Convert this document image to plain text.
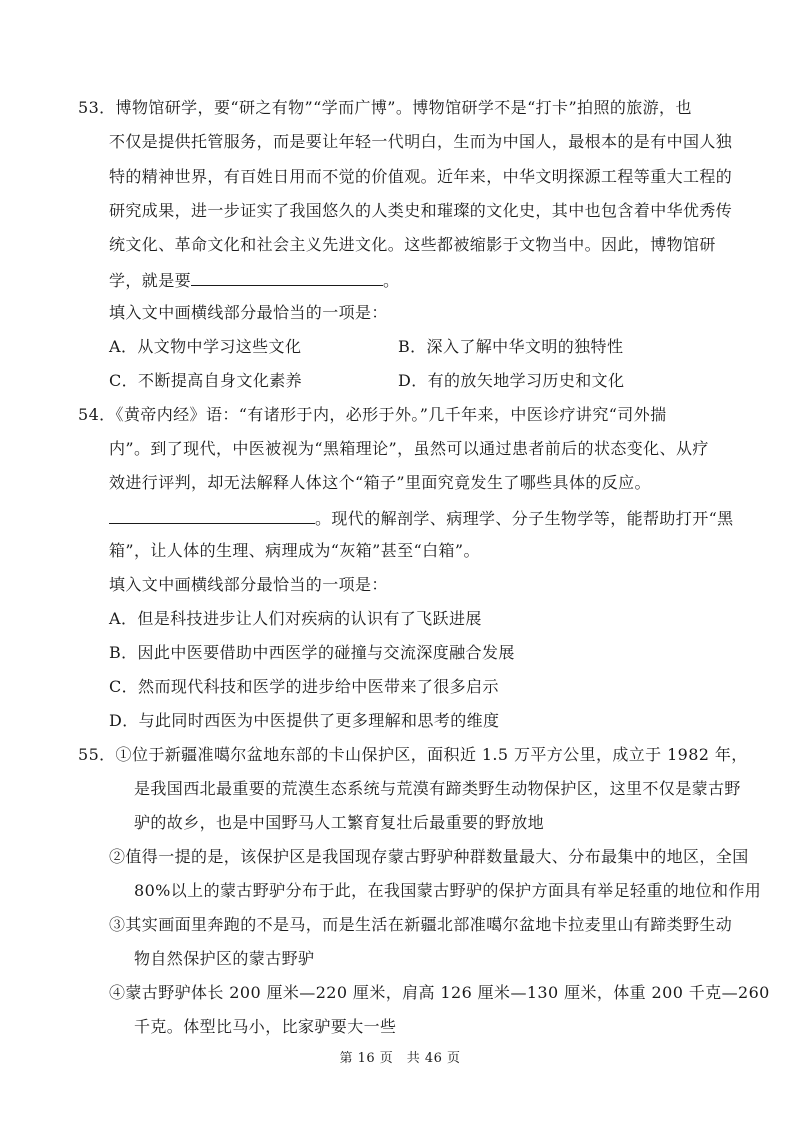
53．博物馆研学，要“研之有物”“学而广博”。博物馆研学不是“打卡”拍照的旅游，也
不仅是提供托管服务，而是要让年轻一代明白，生而为中国人，最根本的是有中国人独
特的精神世界，有百姓日用而不觉的价值观。近年来，中华文明探源工程等重大工程的
研究成果，进一步证实了我国悠久的人类史和璀璨的文化史，其中也包含着中华优秀传
统文化、革命文化和社会主义先进文化。这些都被缩影于文物当中。因此，博物馆研
学，就是要	。
填入文中画横线部分最恰当的一项是：
A．从文物中学习这些文化	B．深入了解中华文明的独特性
C．不断提高自身文化素养	D．有的放矢地学习历史和文化
54．《黄帝内经》语：“有诸形于内，必形于外。”几千年来，中医诊疗讲究“司外揣
内”。到了现代，中医被视为“黑箱理论”，虽然可以通过患者前后的状态变化、从疗
效进行评判，却无法解释人体这个“箱子”里面究竟发生了哪些具体的反应。
。现代的解剖学、病理学、分子生物学等，能帮助打开“黑
箱”，让人体的生理、病理成为“灰箱”甚至“白箱”。
填入文中画横线部分最恰当的一项是：
A．但是科技进步让人们对疾病的认识有了飞跃进展
B．因此中医要借助中西医学的碰撞与交流深度融合发展
C．然而现代科技和医学的进步给中医带来了很多启示
D．与此同时西医为中医提供了更多理解和思考的维度
55．①位于新疆准噶尔盆地东部的卡山保护区，面积近 1.5 万平方公里，成立于 1982 年，
是我国西北最重要的荒漠生态系统与荒漠有蹄类野生动物保护区，这里不仅是蒙古野
驴的故乡，也是中国野马人工繁育复壮后最重要的野放地
②值得一提的是，该保护区是我国现存蒙古野驴种群数量最大、分布最集中的地区，全国
80%以上的蒙古野驴分布于此，在我国蒙古野驴的保护方面具有举足轻重的地位和作用
③其实画面里奔跑的不是马，而是生活在新疆北部准噶尔盆地卡拉麦里山有蹄类野生动
物自然保护区的蒙古野驴
④蒙古野驴体长 200 厘米—220 厘米，肩高 126 厘米—130 厘米，体重 200 千克—260
千克。体型比马小，比家驴要大一些
第 16 页　共 46 页
